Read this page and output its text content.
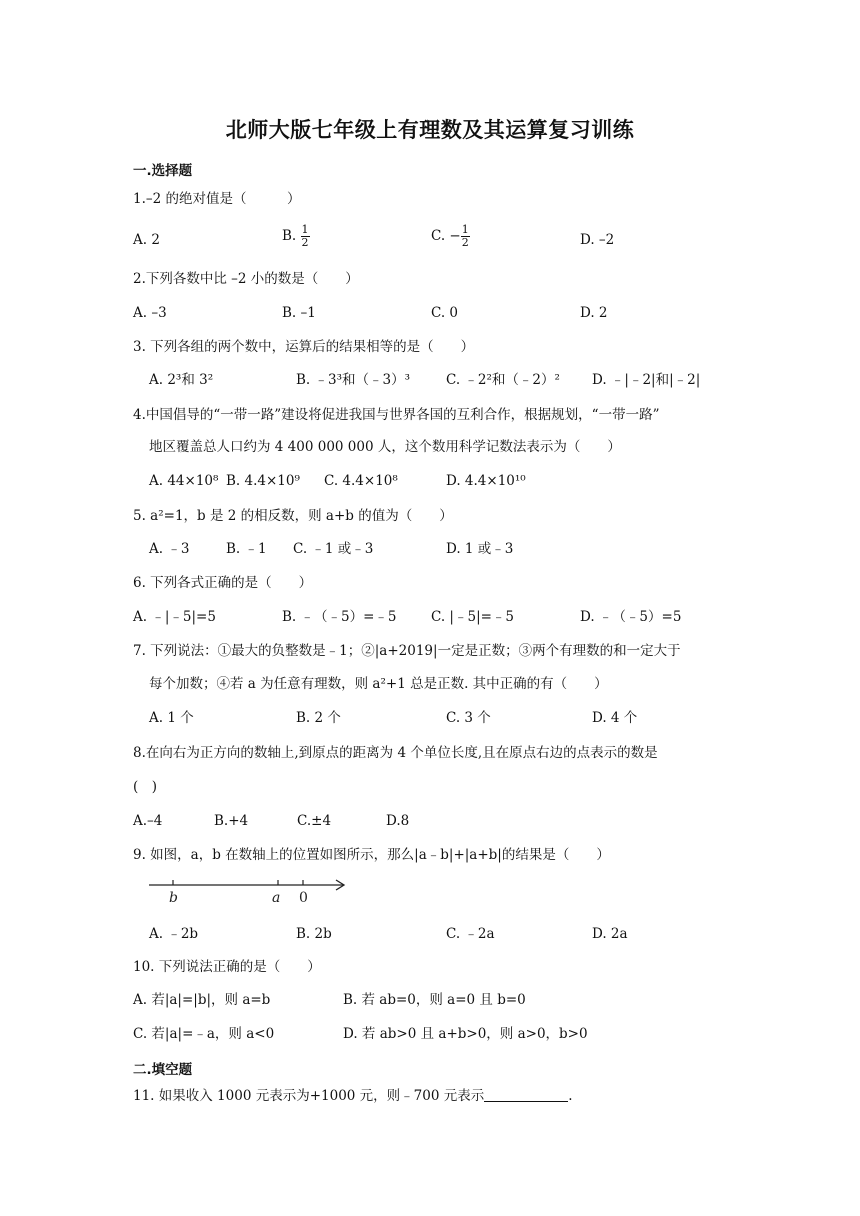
北师大版七年级上有理数及其运算复习训练
一.选择题
1.–2 的绝对值是（　　　）
A. 2	B. $\frac{1}{2}$	C. − $\frac{1}{2}$	D. –2
2.下列各数中比 –2 小的数是（　　）
A. –3	B. –1	C. 0	D. 2
3. 下列各组的两个数中，运算后的结果相等的是（　　）
A. 2³和 3²	B. ﹣3³和（﹣3）³	C. ﹣2²和（﹣2）² D. ﹣|﹣2|和|﹣2|
4.中国倡导的“一带一路”建设将促进我国与世界各国的互利合作，根据规划，“一带一路”
地区覆盖总人口约为 4 400 000 000 人，这个数用科学记数法表示为（　　）
A. 44×10⁸ B. 4.4×10⁹ C. 4.4×10⁸	D. 4.4×10¹⁰
5. a²=1，b 是 2 的相反数，则 a+b 的值为（　　）
A. ﹣3	B. ﹣1 C. ﹣1 或﹣3	D. 1 或﹣3
6. 下列各式正确的是（　　）
A. ﹣|﹣5|=5	B. ﹣（﹣5）=﹣5	C. |﹣5|=﹣5	D. ﹣（﹣5）=5
7. 下列说法：①最大的负整数是﹣1；②|a+2019|一定是正数；③两个有理数的和一定大于
每个加数；④若 a 为任意有理数，则 a²+1 总是正数. 其中正确的有（　　）
A. 1 个	B. 2 个	C. 3 个	D. 4 个
8.在向右为正方向的数轴上,到原点的距离为 4 个单位长度,且在原点右边的点表示的数是
(　)
A.–4	B.+4	C.±4	D.8
9. 如图，a，b 在数轴上的位置如图所示，那么|a﹣b|+|a+b|的结果是（　　）
b	a 0
A. ﹣2b	B. 2b	C. ﹣2a	D. 2a
10. 下列说法正确的是（　　）
A. 若|a|=|b|，则 a=b	B. 若 ab=0，则 a=0 且 b=0
C. 若|a|=﹣a，则 a<0	D. 若 ab>0 且 a+b>0，则 a>0，b>0
二.填空题
11. 如果收入 1000 元表示为+1000 元，则﹣700 元表示	.
